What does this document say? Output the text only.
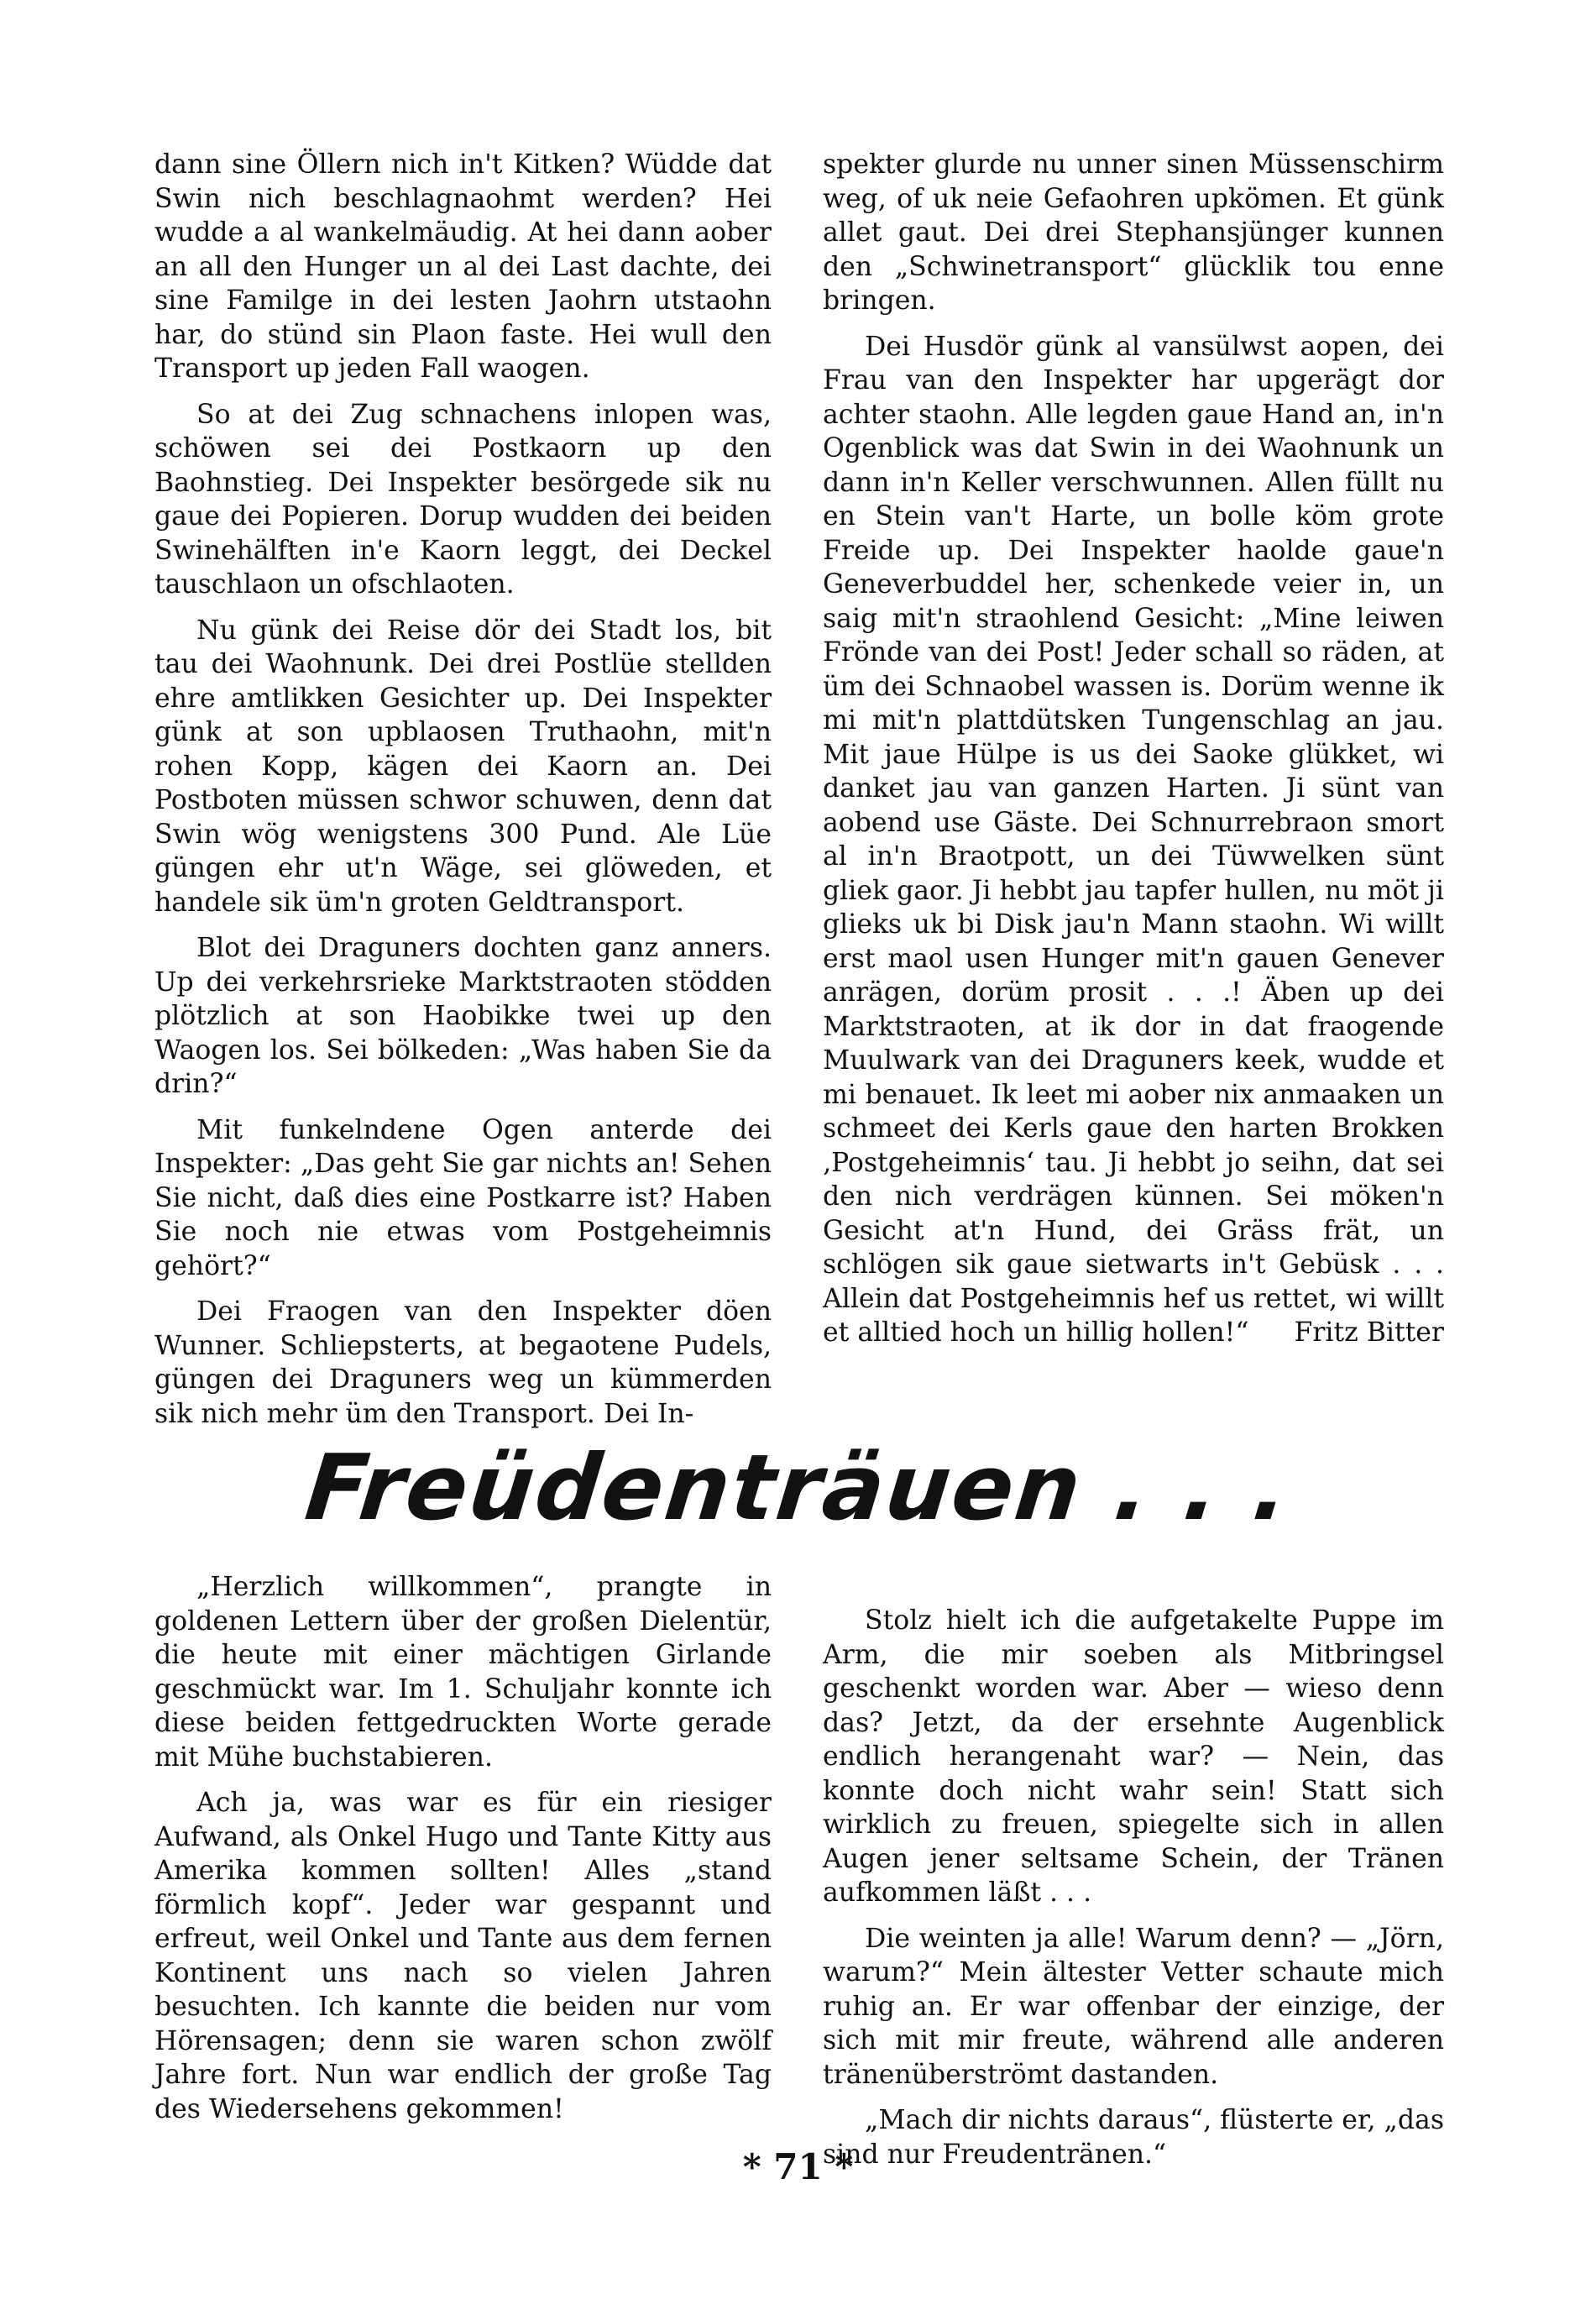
dann sine Öllern nich in't Kitken? Wüdde dat Swin nich beschlagnaohmt werden? Hei wudde a al wankelmäudig. At hei dann aober an all den Hunger un al dei Last dachte, dei sine Familge in dei lesten Jaohrn utstaohn har, do stünd sin Plaon faste. Hei wull den Transport up jeden Fall waogen.

So at dei Zug schnachens inlopen was, schöwen sei dei Postkaorn up den Baohnstieg. Dei Inspekter besörgede sik nu gaue dei Popieren. Dorup wudden dei beiden Swinehälften in'e Kaorn leggt, dei Deckel tauschlaon un ofschlaoten.

Nu günk dei Reise dör dei Stadt los, bit tau dei Waohnunk. Dei drei Postlüe stellden ehre amtlikken Gesichter up. Dei Inspekter günk at son upblaosen Truthaohn, mit'n rohen Kopp, kägen dei Kaorn an. Dei Postboten müssen schwor schuwen, denn dat Swin wög wenigstens 300 Pund. Ale Lüe güngen ehr ut'n Wäge, sei glöweden, et handele sik üm'n groten Geldtransport.

Blot dei Draguners dochten ganz anners. Up dei verkehrsrieke Marktstraoten stödden plötzlich at son Haobikke twei up den Waogen los. Sei bölkeden: „Was haben Sie da drin?“

Mit funkelndene Ogen anterde dei Inspekter: „Das geht Sie gar nichts an! Sehen Sie nicht, daß dies eine Postkarre ist? Haben Sie noch nie etwas vom Postgeheimnis gehört?“

Dei Fraogen van den Inspekter döen Wunner. Schliepsterts, at begaotene Pudels, güngen dei Draguners weg un kümmerden sik nich mehr üm den Transport. Dei In-

spekter glurde nu unner sinen Müssenschirm weg, of uk neie Gefaohren upkömen. Et günk allet gaut. Dei drei Stephansjünger kunnen den „Schwinetransport“ glücklik tou enne bringen.

Dei Husdör günk al vansülwst aopen, dei Frau van den Inspekter har upgerägt dor achter staohn. Alle legden gaue Hand an, in'n Ogenblick was dat Swin in dei Waohnunk un dann in'n Keller verschwunnen. Allen füllt nu en Stein van't Harte, un bolle köm grote Freide up. Dei Inspekter haolde gaue'n Geneverbuddel her, schenkede veier in, un saig mit'n straohlend Gesicht: „Mine leiwen Frönde van dei Post! Jeder schall so räden, at üm dei Schnaobel wassen is. Dorüm wenne ik mi mit'n plattdütsken Tungenschlag an jau. Mit jaue Hülpe is us dei Saoke glükket, wi danket jau van ganzen Harten. Ji sünt van aobend use Gäste. Dei Schnurrebraon smort al in'n Braotpott, un dei Tüwwelken sünt gliek gaor. Ji hebbt jau tapfer hullen, nu möt ji glieks uk bi Disk jau'n Mann staohn. Wi willt erst maol usen Hunger mit'n gauen Genever anrägen, dorüm prosit . . .! Äben up dei Marktstraoten, at ik dor in dat fraogende Muulwark van dei Draguners keek, wudde et mi benauet. Ik leet mi aober nix anmaaken un schmeet dei Kerls gaue den harten Brokken ‚Postgeheimnis‘ tau. Ji hebbt jo seihn, dat sei den nich verdrägen künnen. Sei möken'n Gesicht at'n Hund, dei Gräss frät, un schlögen sik gaue sietwarts in't Gebüsk . . . Allein dat Postgeheimnis hef us rettet, wi willt et alltied hoch un hillig hollen!“	Fritz Bitter
Freüdenträuen . . .

„Herzlich willkommen“, prangte in goldenen Lettern über der großen Dielentür, die heute mit einer mächtigen Girlande geschmückt war. Im 1. Schuljahr konnte ich diese beiden fettgedruckten Worte gerade mit Mühe buchstabieren.

Ach ja, was war es für ein riesiger Aufwand, als Onkel Hugo und Tante Kitty aus Amerika kommen sollten! Alles „stand förmlich kopf“. Jeder war gespannt und erfreut, weil Onkel und Tante aus dem fernen Kontinent uns nach so vielen Jahren besuchten. Ich kannte die beiden nur vom Hörensagen; denn sie waren schon zwölf Jahre fort. Nun war endlich der große Tag des Wiedersehens gekommen!

Stolz hielt ich die aufgetakelte Puppe im Arm, die mir soeben als Mitbringsel geschenkt worden war. Aber — wieso denn das? Jetzt, da der ersehnte Augenblick endlich herangenaht war? — Nein, das konnte doch nicht wahr sein! Statt sich wirklich zu freuen, spiegelte sich in allen Augen jener seltsame Schein, der Tränen aufkommen läßt . . .

Die weinten ja alle! Warum denn? — „Jörn, warum?“ Mein ältester Vetter schaute mich ruhig an. Er war offenbar der einzige, der sich mit mir freute, während alle anderen tränenüberströmt dastanden.

„Mach dir nichts daraus“, flüsterte er, „das sind nur Freudentränen.“

* 71 *
